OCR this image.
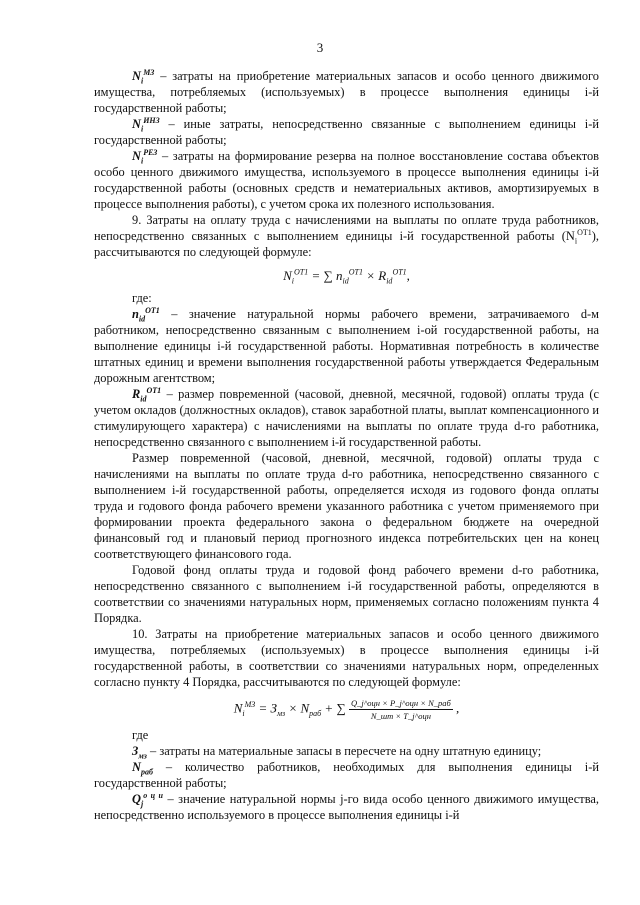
3

$N_i^{МЗ}$ – затраты на приобретение материальных запасов и особо ценного движимого имущества, потребляемых (используемых) в процессе выполнения единицы i-й государственной работы;

$N_i^{ИНЗ}$ – иные затраты, непосредственно связанные с выполнением единицы i-й государственной работы;

$N_i^{РЕЗ}$ – затраты на формирование резерва на полное восстановление состава объектов особо ценного движимого имущества, используемого в процессе выполнения единицы i-й государственной работы (основных средств и нематериальных активов, амортизируемых в процессе выполнения работы), с учетом срока их полезного использования.

9. Затраты на оплату труда с начислениями на выплаты по оплате труда работников, непосредственно связанных с выполнением единицы i-й государственной работы $(N_i^{ОТ1})$, рассчитываются по следующей формуле:

$N_i^{OT1}$ = ∑ $n_{id}^{OT1} \times R_{id}^{OT1}$,

где:

$n_{id}^{OT1}$ – значение натуральной нормы рабочего времени, затрачиваемого d-м работником, непосредственно связанным с выполнением i-ой государственной работы, на выполнение единицы i-й государственной работы. Нормативная потребность в количестве штатных единиц и времени выполнения государственной работы утверждается Федеральным дорожным агентством;

$R_{id}^{OT1}$ – размер повременной (часовой, дневной, месячной, годовой) оплаты труда (с учетом окладов (должностных окладов), ставок заработной платы, выплат компенсационного и стимулирующего характера) с начислениями на выплаты по оплате труда d-го работника, непосредственно связанного с выполнением i-й государственной работы.

Размер повременной (часовой, дневной, месячной, годовой) оплаты труда с начислениями на выплаты по оплате труда d-го работника, непосредственно связанного с выполнением i-й государственной работы, определяется исходя из годового фонда оплаты труда и годового фонда рабочего времени указанного работника с учетом применяемого при формировании проекта федерального закона о федеральном бюджете на очередной финансовый год и плановый период прогнозного индекса потребительских цен на конец соответствующего финансового года.

Годовой фонд оплаты труда и годовой фонд рабочего времени d-го работника, непосредственно связанного с выполнением i-й государственной работы, определяются в соответствии со значениями натуральных норм, применяемых согласно положениям пункта 4 Порядка.

10. Затраты на приобретение материальных запасов и особо ценного движимого имущества, потребляемых (используемых) в процессе выполнения единицы i-й государственной работы, в соответствии со значениями натуральных норм, определенных согласно пункту 4 Порядка, рассчитываются по следующей формуле:

$N_i^{МЗ} = З_{мз} \times N_{раб}$ + ∑ $\frac{\text{Q\_j\textasciicircum{}оцн × P\_j\textasciicircum{}оцн × N\_раб}}{\text{N\_шт × T\_j\textasciicircum{}оцн}}$ ,

где

$З_{мз}$ – затраты на материальные запасы в пересчете на одну штатную единицу;

$N_{раб}$ – количество работников, необходимых для выполнения единицы i-й государственной работы;

$Q_j^{о ц и}$ – значение натуральной нормы j-го вида особо ценного движимого имущества, непосредственно используемого в процессе выполнения единицы i-й
